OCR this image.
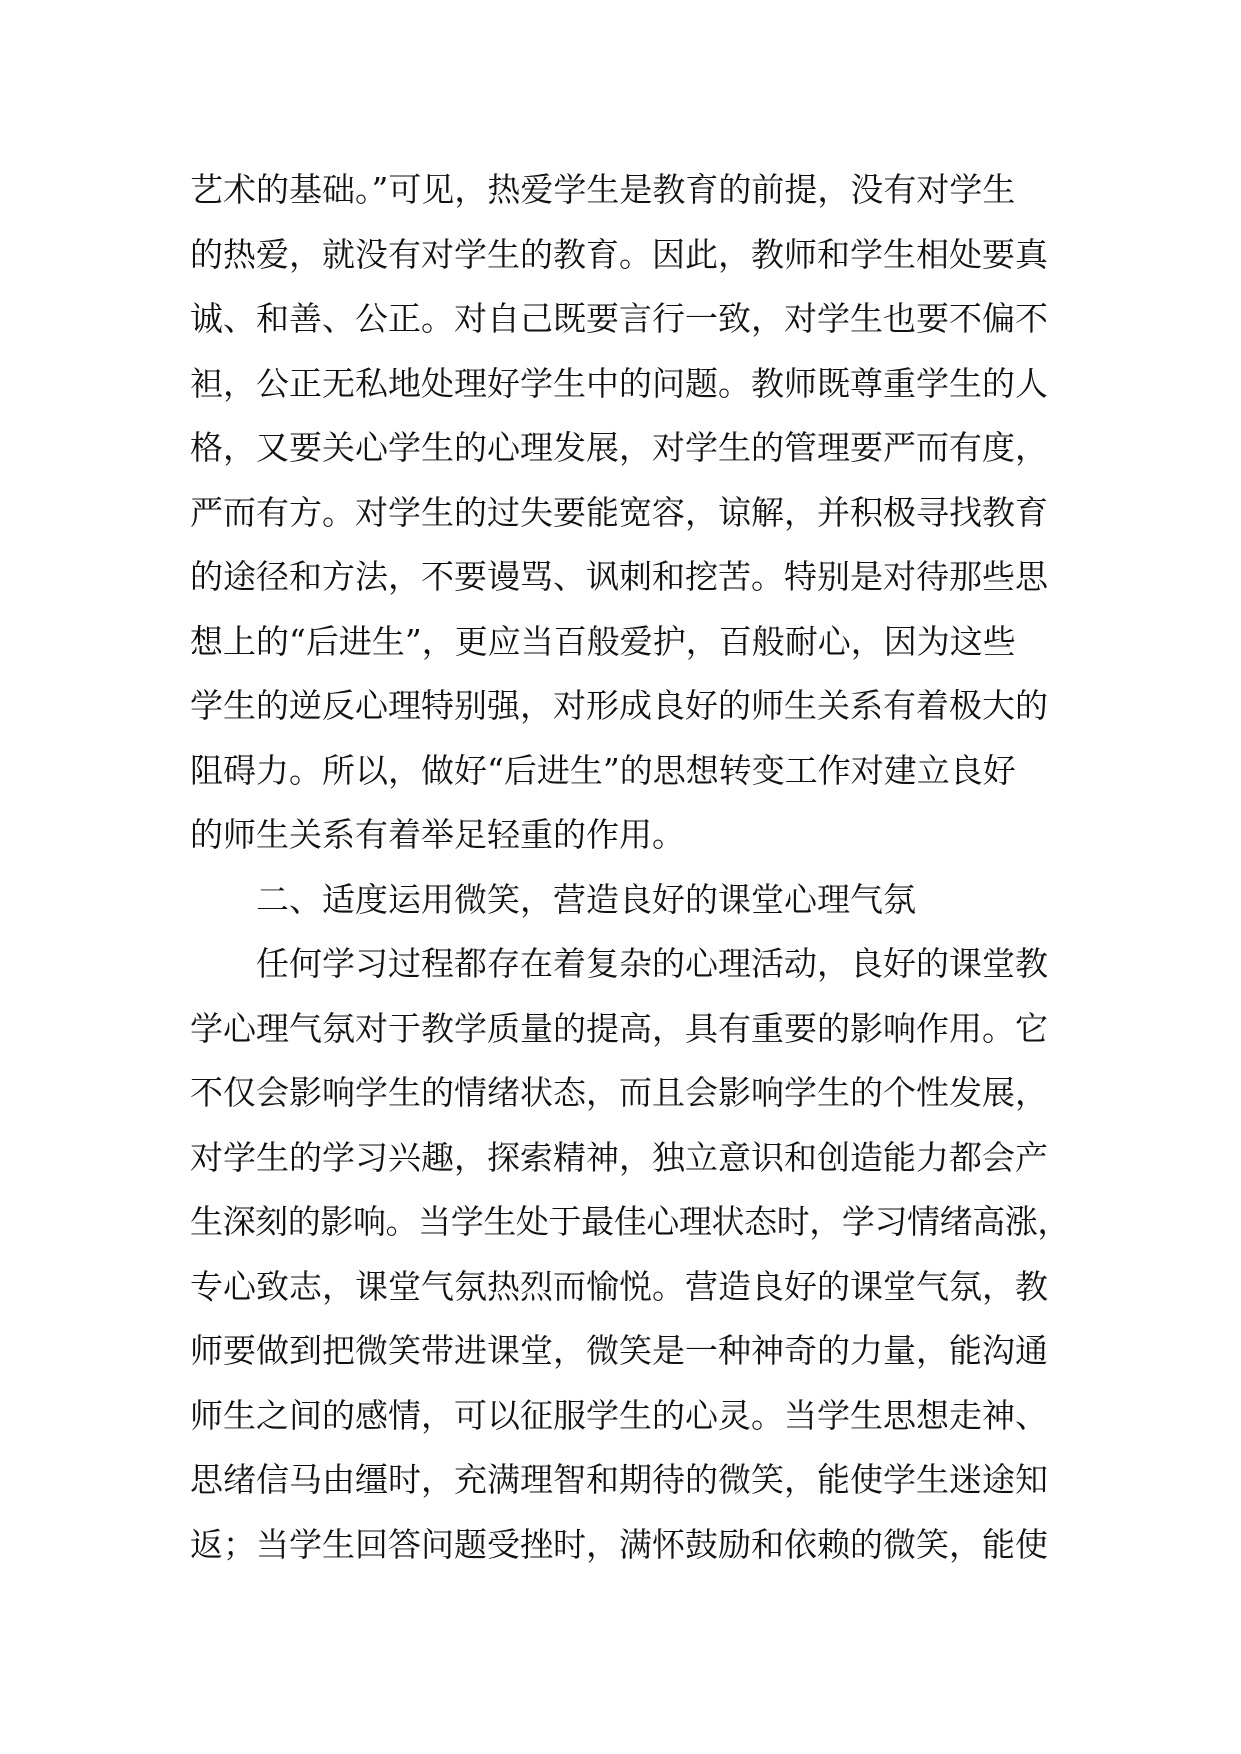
艺术的基础。”可见，热爱学生是教育的前提，没有对学生
的热爱，就没有对学生的教育。因此，教师和学生相处要真
诚、和善、公正。对自己既要言行一致，对学生也要不偏不
袒，公正无私地处理好学生中的问题。教师既尊重学生的人
格，又要关心学生的心理发展，对学生的管理要严而有度，
严而有方。对学生的过失要能宽容，谅解，并积极寻找教育
的途径和方法，不要谩骂、讽刺和挖苦。特别是对待那些思
想上的“后进生”，更应当百般爱护，百般耐心，因为这些
学生的逆反心理特别强，对形成良好的师生关系有着极大的
阻碍力。所以，做好“后进生”的思想转变工作对建立良好
的师生关系有着举足轻重的作用。
二、适度运用微笑，营造良好的课堂心理气氛
任何学习过程都存在着复杂的心理活动，良好的课堂教
学心理气氛对于教学质量的提高，具有重要的影响作用。它
不仅会影响学生的情绪状态，而且会影响学生的个性发展，
对学生的学习兴趣，探索精神，独立意识和创造能力都会产
生深刻的影响。当学生处于最佳心理状态时，学习情绪高涨，
专心致志，课堂气氛热烈而愉悦。营造良好的课堂气氛，教
师要做到把微笑带进课堂，微笑是一种神奇的力量，能沟通
师生之间的感情，可以征服学生的心灵。当学生思想走神、
思绪信马由缰时，充满理智和期待的微笑，能使学生迷途知
返；当学生回答问题受挫时，满怀鼓励和依赖的微笑，能使
